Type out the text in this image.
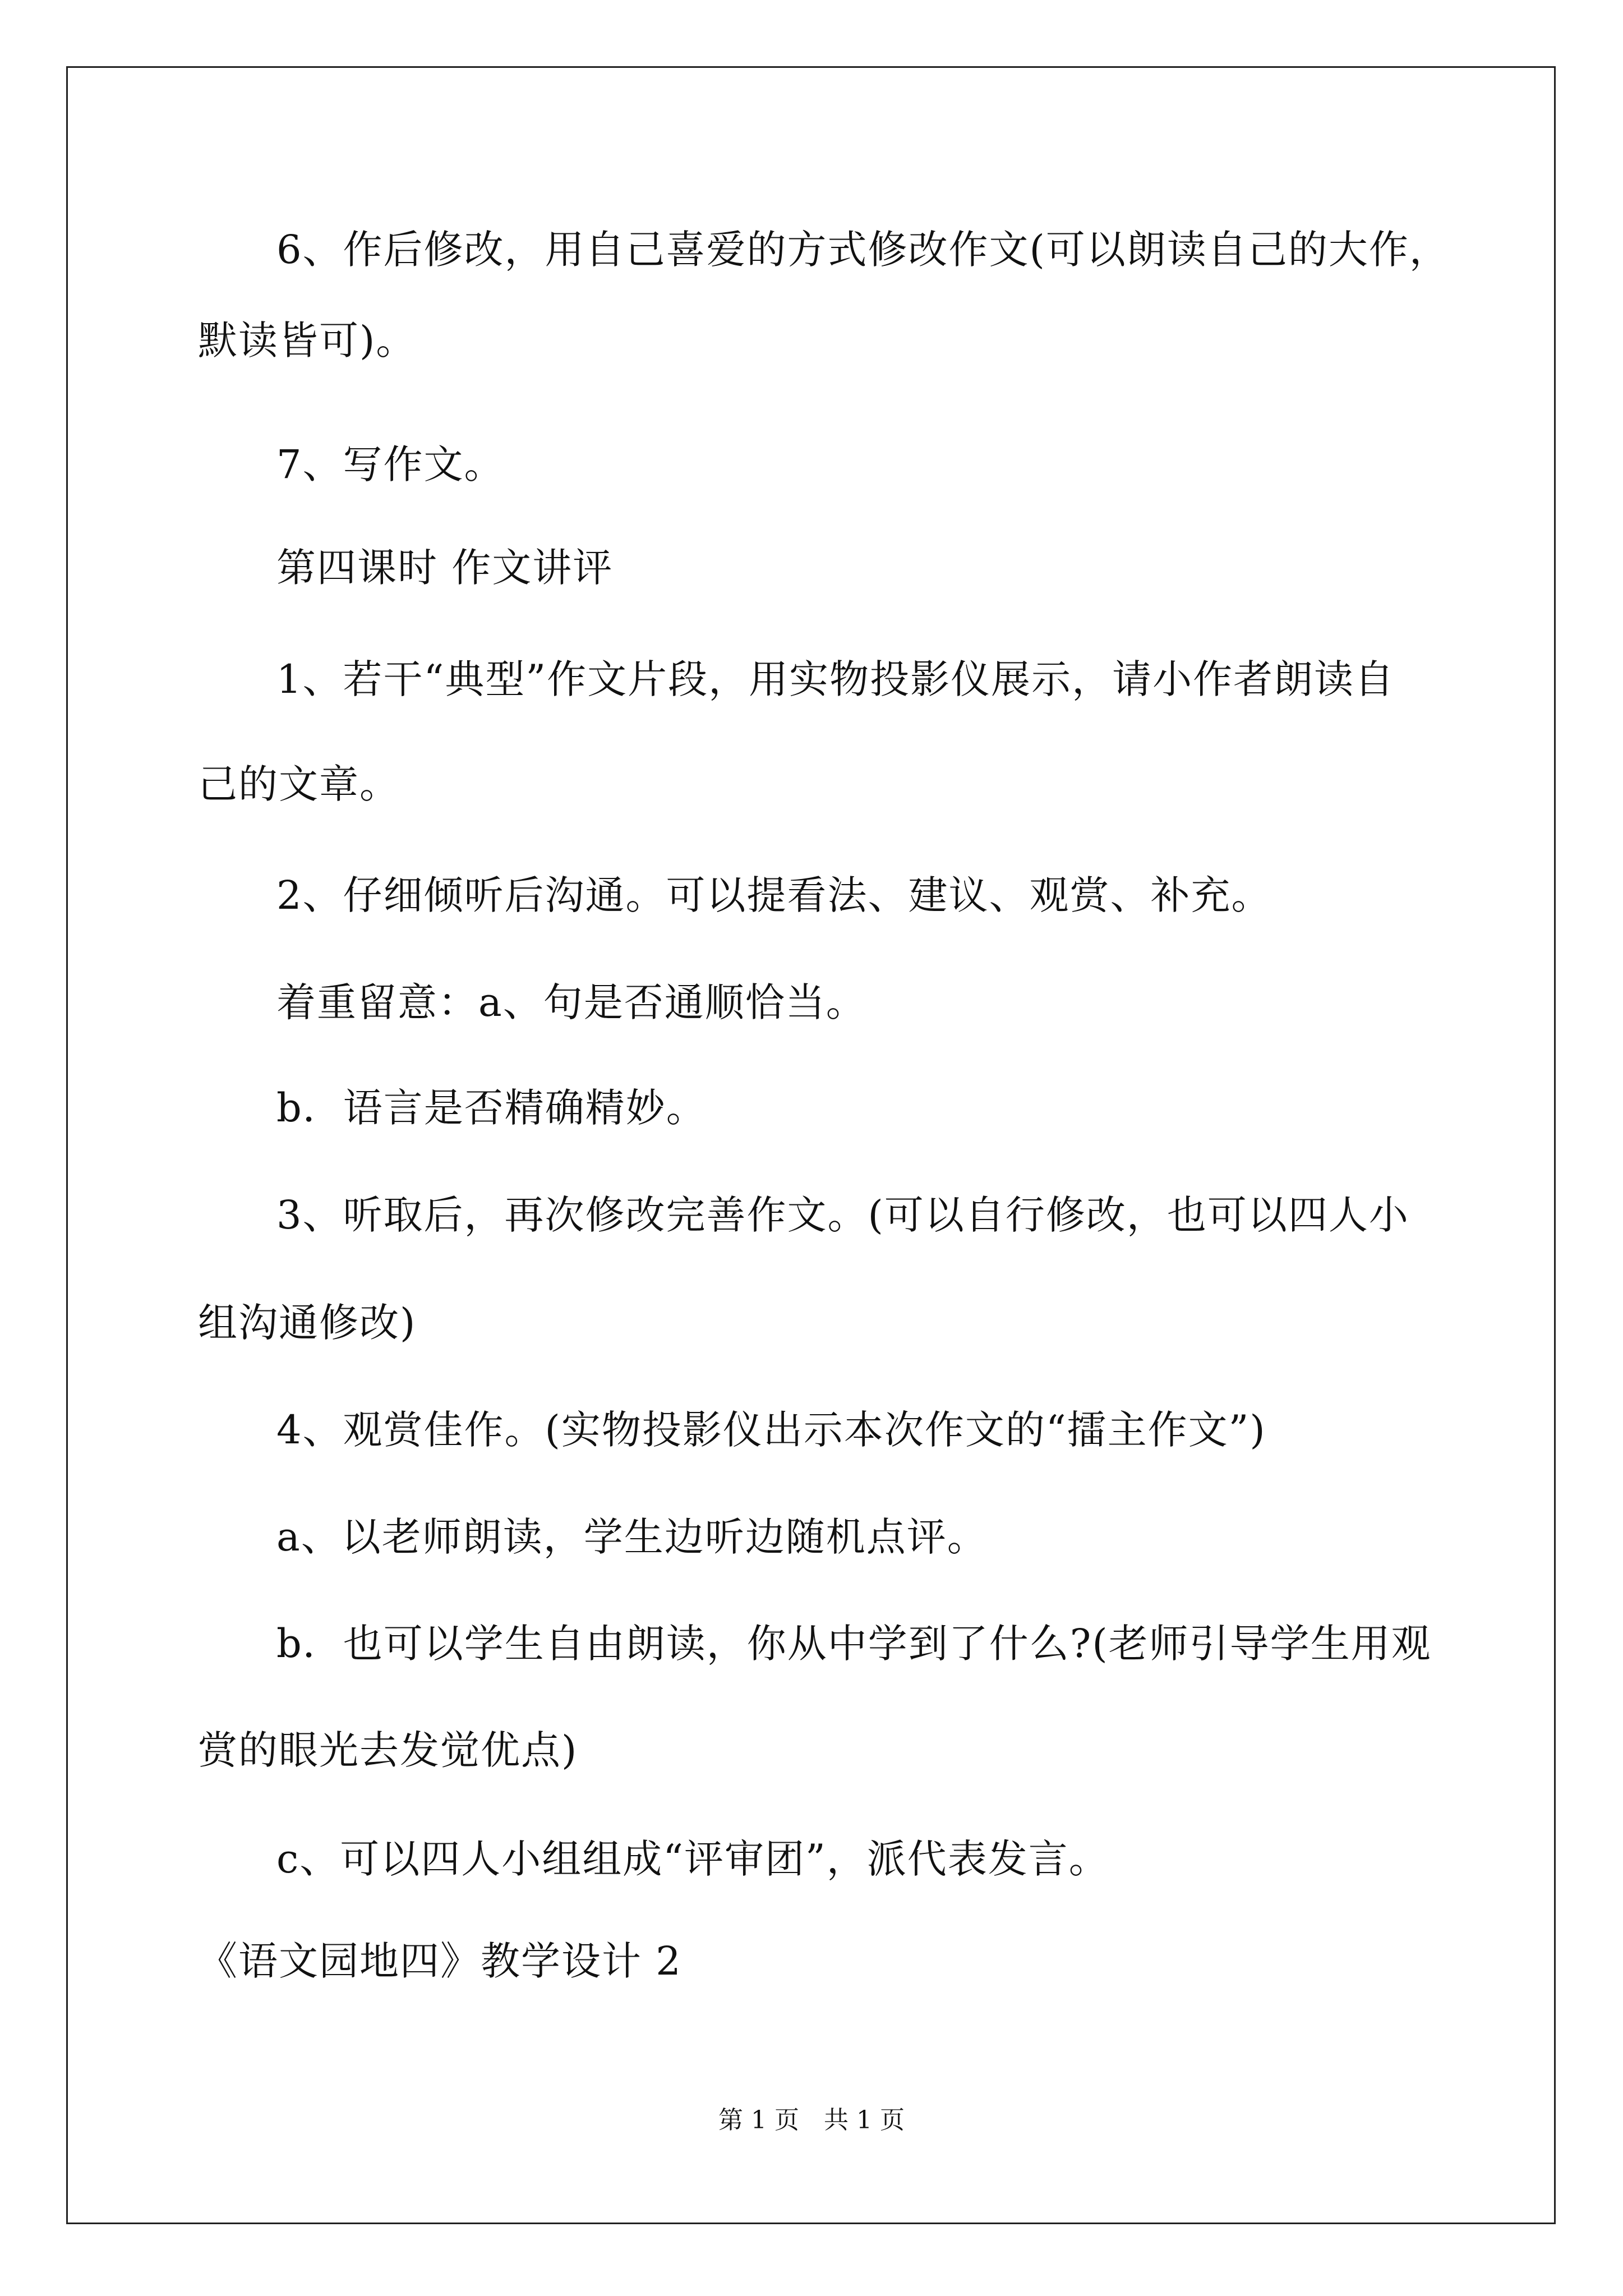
6、作后修改，用自己喜爱的方式修改作文(可以朗读自己的大作，
默读皆可)。
7、写作文。
第四课时 作文讲评
1、若干“典型”作文片段，用实物投影仪展示，请小作者朗读自
己的文章。
2、仔细倾听后沟通。可以提看法、建议、观赏、补充。
着重留意：a、句是否通顺恰当。
b．语言是否精确精妙。
3、听取后，再次修改完善作文。(可以自行修改，也可以四人小
组沟通修改)
4、观赏佳作。(实物投影仪出示本次作文的“擂主作文”)
a、以老师朗读，学生边听边随机点评。
b．也可以学生自由朗读，你从中学到了什么?(老师引导学生用观
赏的眼光去发觉优点)
c、可以四人小组组成“评审团”，派代表发言。
《语文园地四》教学设计 2
第 1 页　共 1 页
